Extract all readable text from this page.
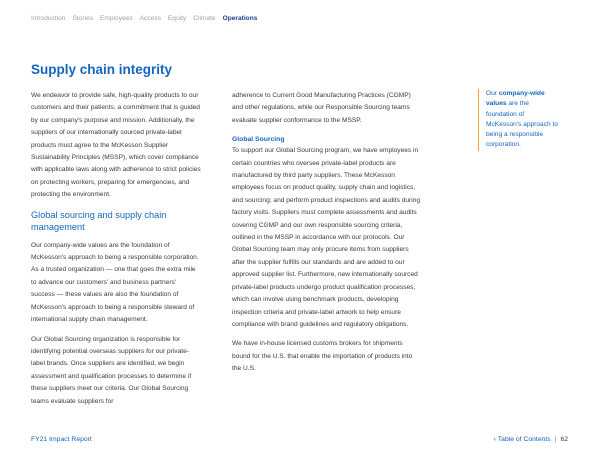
Introduction Stories Employees Access Equity Climate Operations
Supply chain integrity

We endeavor to provide safe, high-quality products to our customers and their patients; a commitment that is guided by our company's purpose and mission. Additionally, the suppliers of our internationally sourced private-label products must agree to the McKesson Supplier Sustainability Principles (MSSP), which cover compliance with applicable laws along with adherence to strict policies on protecting workers, preparing for emergencies, and protecting the environment.

Global sourcing and supply chain management

Our company-wide values are the foundation of McKesson's approach to being a responsible corporation. As a trusted organization — one that goes the extra mile to advance our customers' and business partners' success — these values are also the foundation of McKesson's approach to being a responsible steward of international supply chain management.

Our Global Sourcing organization is responsible for identifying potential overseas suppliers for our private-label brands. Once suppliers are identified, we begin assessment and qualification processes to determine if these suppliers meet our criteria. Our Global Sourcing teams evaluate suppliers for

adherence to Current Good Manufacturing Practices (CGMP) and other regulations, while our Responsible Sourcing teams evaluate supplier conformance to the MSSP.

Global Sourcing

To support our Global Sourcing program, we have employees in certain countries who oversee private-label products are manufactured by third party suppliers. These McKesson employees focus on product quality, supply chain and logistics, and sourcing; and perform product inspections and audits during factory visits. Suppliers must complete assessments and audits covering CGMP and our own responsible sourcing criteria, outlined in the MSSP in accordance with our protocols. Our Global Sourcing team may only procure items from suppliers after the supplier fulfills our standards and are added to our approved supplier list. Furthermore, new internationally sourced private-label products undergo product qualification processes, which can involve using benchmark products, developing inspection criteria and private-label artwork to help ensure compliance with brand guidelines and regulatory obligations.

We have in-house licensed customs brokers for shipments bound for the U.S. that enable the importation of products into the U.S.

Our company-wide values are the foundation of McKesson's approach to being a responsible corporation.
FY21 Impact Report	‹ Table of Contents | 62
